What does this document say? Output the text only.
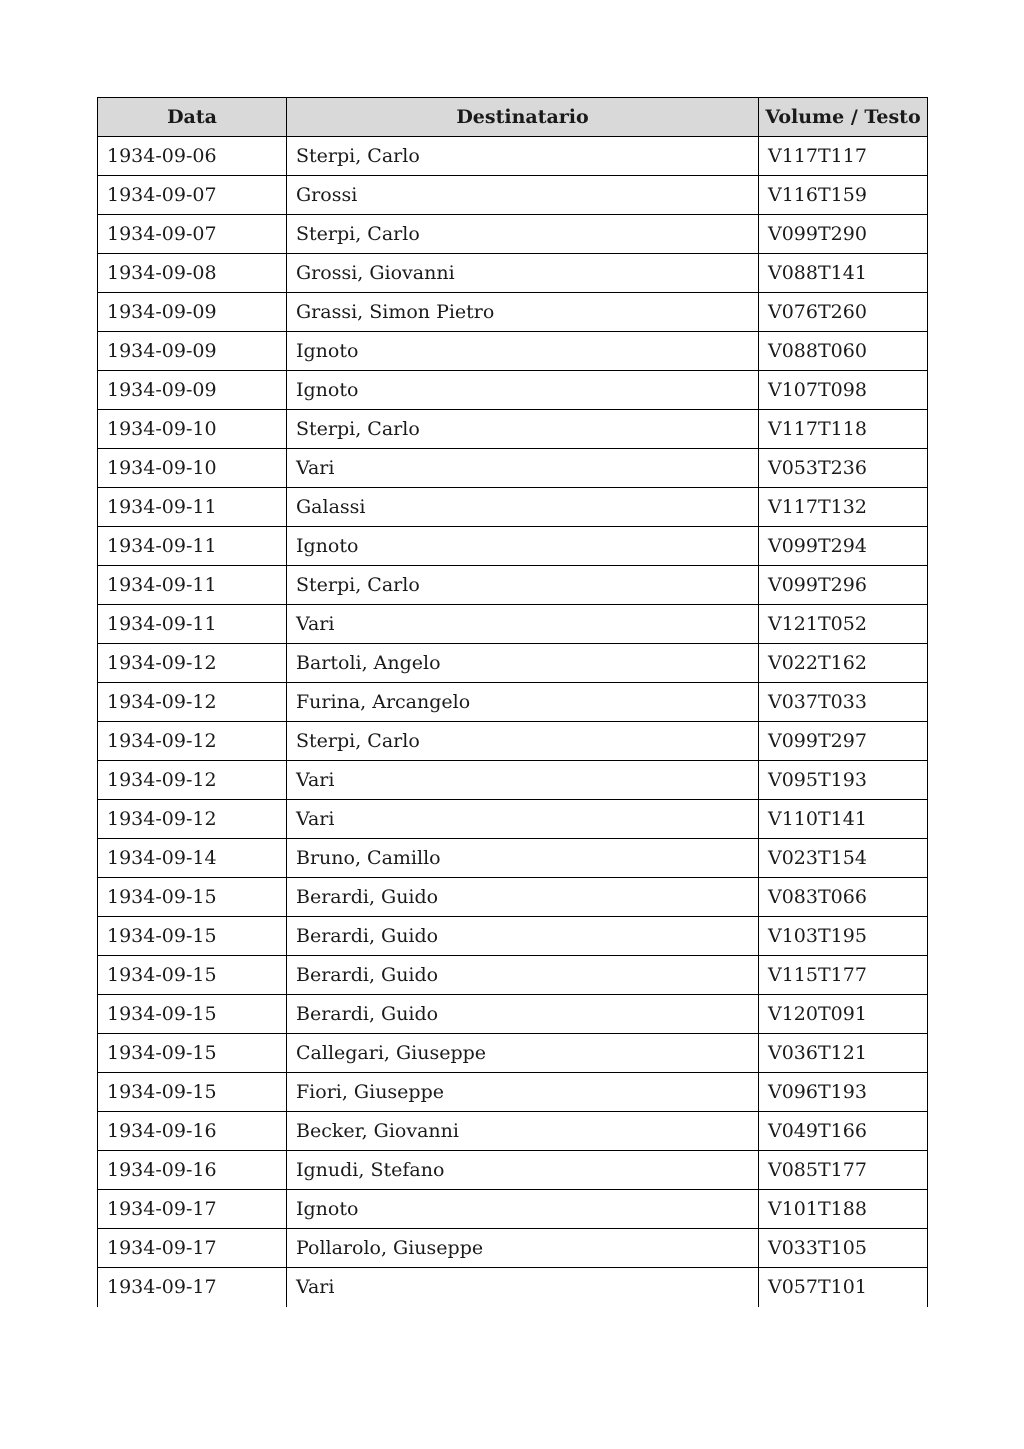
Data	Destinatario	Volume / Testo
1934-09-06	Sterpi, Carlo	V117T117
1934-09-07	Grossi	V116T159
1934-09-07	Sterpi, Carlo	V099T290
1934-09-08	Grossi, Giovanni	V088T141
1934-09-09	Grassi, Simon Pietro	V076T260
1934-09-09	Ignoto	V088T060
1934-09-09	Ignoto	V107T098
1934-09-10	Sterpi, Carlo	V117T118
1934-09-10	Vari	V053T236
1934-09-11	Galassi	V117T132
1934-09-11	Ignoto	V099T294
1934-09-11	Sterpi, Carlo	V099T296
1934-09-11	Vari	V121T052
1934-09-12	Bartoli, Angelo	V022T162
1934-09-12	Furina, Arcangelo	V037T033
1934-09-12	Sterpi, Carlo	V099T297
1934-09-12	Vari	V095T193
1934-09-12	Vari	V110T141
1934-09-14	Bruno, Camillo	V023T154
1934-09-15	Berardi, Guido	V083T066
1934-09-15	Berardi, Guido	V103T195
1934-09-15	Berardi, Guido	V115T177
1934-09-15	Berardi, Guido	V120T091
1934-09-15	Callegari, Giuseppe	V036T121
1934-09-15	Fiori, Giuseppe	V096T193
1934-09-16	Becker, Giovanni	V049T166
1934-09-16	Ignudi, Stefano	V085T177
1934-09-17	Ignoto	V101T188
1934-09-17	Pollarolo, Giuseppe	V033T105
1934-09-17	Vari	V057T101
